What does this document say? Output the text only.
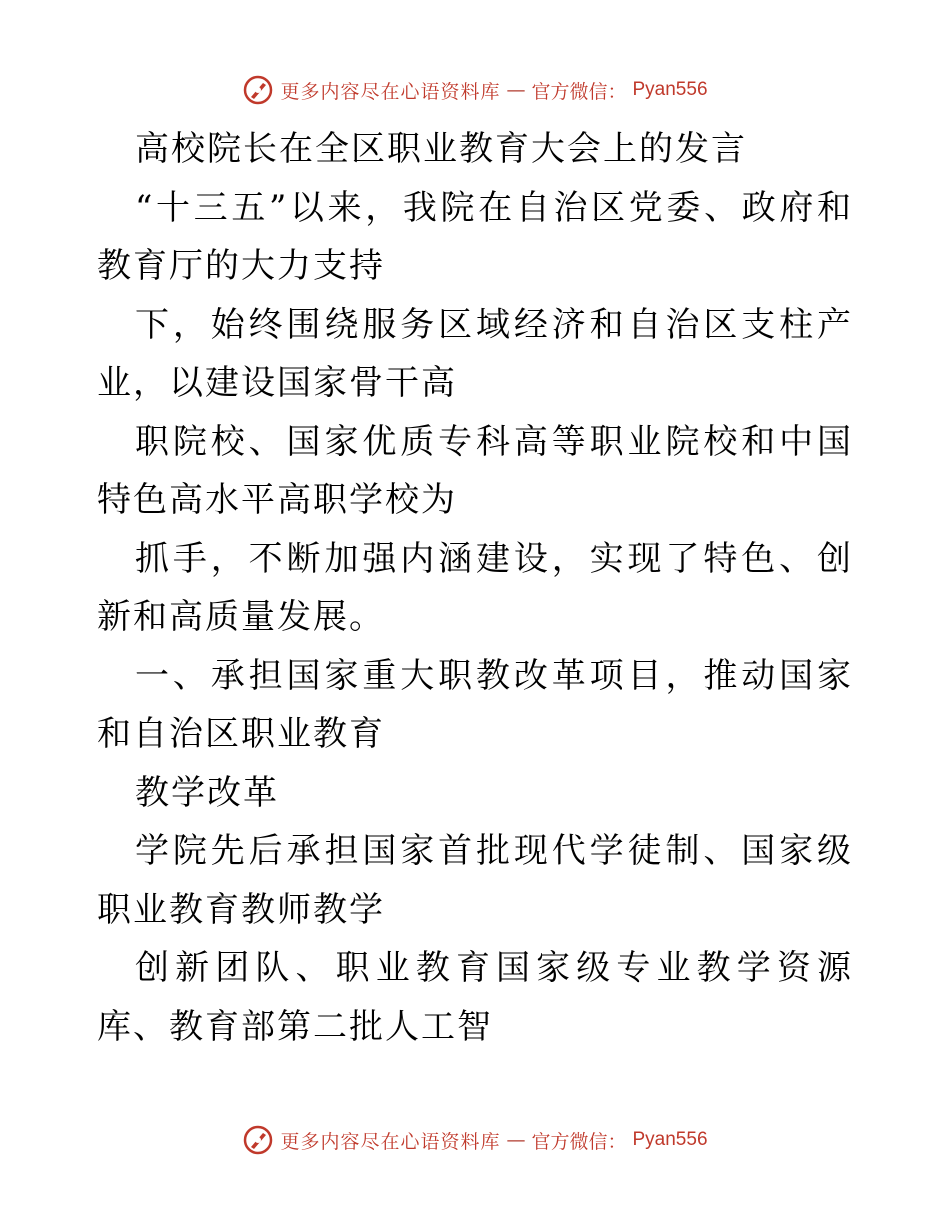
更多内容尽在心语资料库 — 官方微信： Pyan556

高校院长在全区职业教育大会上的发言

“十三五”以来，我院在自治区党委、政府和教育厅的大力支持

下，始终围绕服务区域经济和自治区支柱产业，以建设国家骨干高

职院校、国家优质专科高等职业院校和中国特色高水平高职学校为

抓手，不断加强内涵建设，实现了特色、创新和高质量发展。

一、承担国家重大职教改革项目，推动国家和自治区职业教育

教学改革

学院先后承担国家首批现代学徒制、国家级职业教育教师教学

创新团队、职业教育国家级专业教学资源库、教育部第二批人工智

更多内容尽在心语资料库 — 官方微信： Pyan556
